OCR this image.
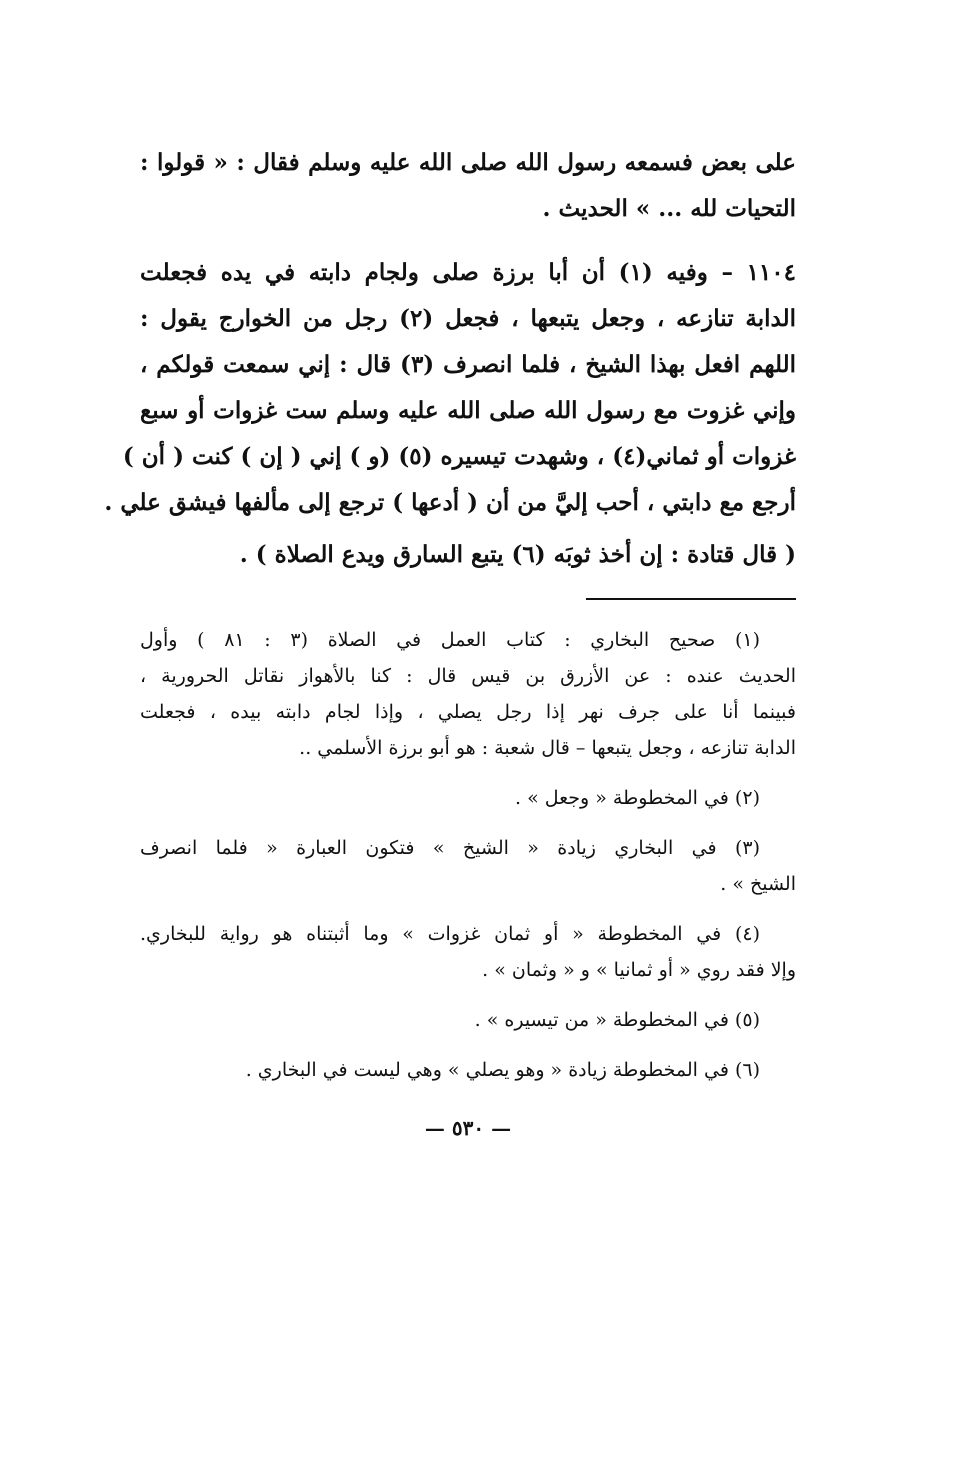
على بعض فسمعه رسول الله صلى الله عليه وسلم فقال : « قولوا :
التحيات لله ... » الحديث .
١١٠٤ – وفيه (١) أن أبا برزة صلى ولجام دابته في يده فجعلت
الدابة تنازعه ، وجعل يتبعها ، فجعل (٢) رجل من الخوارج يقول :
اللهم افعل بهذا الشيخ ، فلما انصرف (٣) قال : إني سمعت قولكم ،
وإني غزوت مع رسول الله صلى الله عليه وسلم ست غزوات أو سبع
غزوات أو ثماني(٤) ، وشهدت تيسيره (٥) (و ) إني ( إن ) كنت ( أن )
أرجع مع دابتي ، أحب إليَّ من أن ( أدعها ) ترجع إلى مألفها فيشق علي .
( قال قتادة : إن أخذ ثوبَه (٦) يتبع السارق ويدع الصلاة ) .
(١) صحيح البخاري : كتاب العمل في الصلاة (٣ : ٨١ ) وأول
الحديث عنده : عن الأزرق بن قيس قال : كنا بالأهواز نقاتل الحرورية ،
فبينما أنا على جرف نهر إذا رجل يصلي ، وإذا لجام دابته بيده ، فجعلت
الدابة تنازعه ، وجعل يتبعها – قال شعبة : هو أبو برزة الأسلمي ..
(٢) في المخطوطة « وجعل » .
(٣) في البخاري زيادة « الشيخ » فتكون العبارة « فلما انصرف
الشيخ » .
(٤) في المخطوطة « أو ثمان غزوات » وما أثبتناه هو رواية للبخاري.
وإلا فقد روي « أو ثمانيا » و « وثمان » .
(٥) في المخطوطة « من تيسيره » .
(٦) في المخطوطة زيادة « وهو يصلي » وهي ليست في البخاري .
— ٥٣٠ —
